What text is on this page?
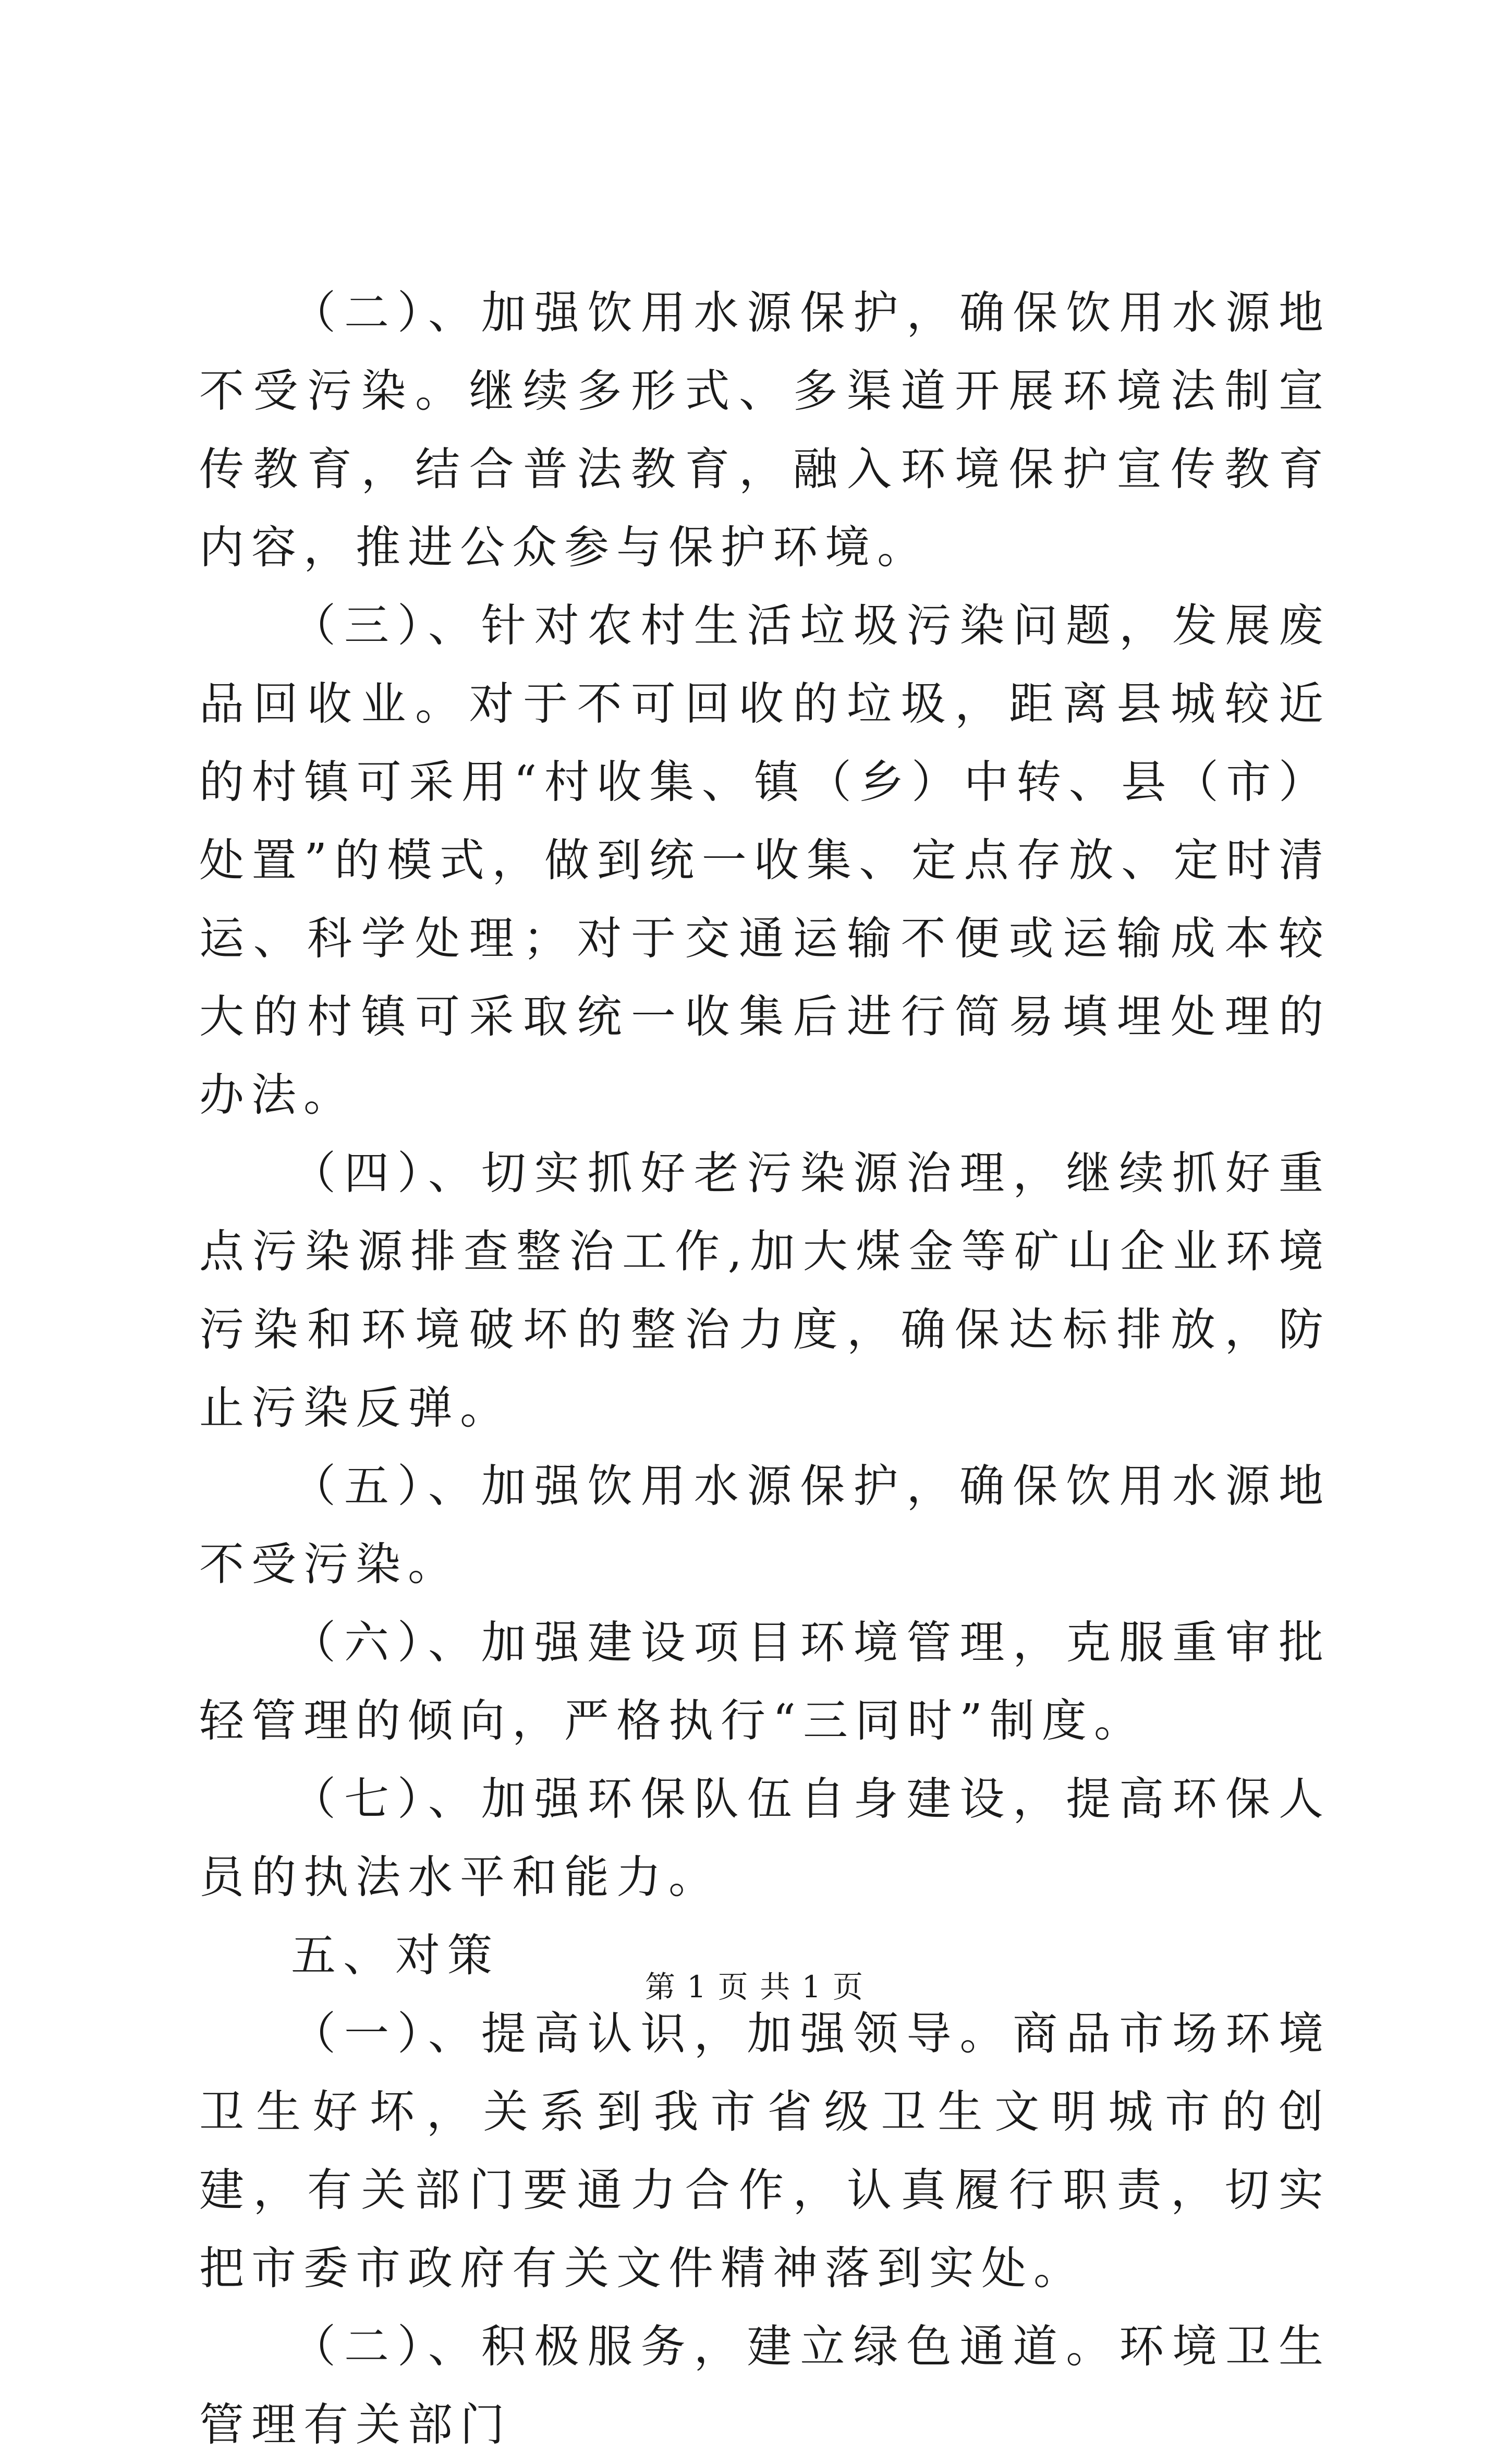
（二）、加强饮用水源保护，确保饮用水源地不受污染。继续多形式、多渠道开展环境法制宣传教育，结合普法教育，融入环境保护宣传教育内容，推进公众参与保护环境。

（三）、针对农村生活垃圾污染问题，发展废品回收业。对于不可回收的垃圾，距离县城较近的村镇可采用“村收集、镇（乡）中转、县（市）处置”的模式，做到统一收集、定点存放、定时清运、科学处理；对于交通运输不便或运输成本较大的村镇可采取统一收集后进行简易填埋处理的办法。

（四）、切实抓好老污染源治理，继续抓好重点污染源排查整治工作,加大煤金等矿山企业环境污染和环境破坏的整治力度，确保达标排放，防止污染反弹。

（五）、加强饮用水源保护，确保饮用水源地不受污染。

（六）、加强建设项目环境管理，克服重审批轻管理的倾向，严格执行“三同时”制度。

（七）、加强环保队伍自身建设，提高环保人员的执法水平和能力。

五、对策

（一）、提高认识，加强领导。商品市场环境卫生好坏，关系到我市省级卫生文明城市的创建，有关部门要通力合作，认真履行职责，切实把市委市政府有关文件精神落到实处。

（二）、积极服务，建立绿色通道。环境卫生管理有关部门

第 1 页 共 1 页
